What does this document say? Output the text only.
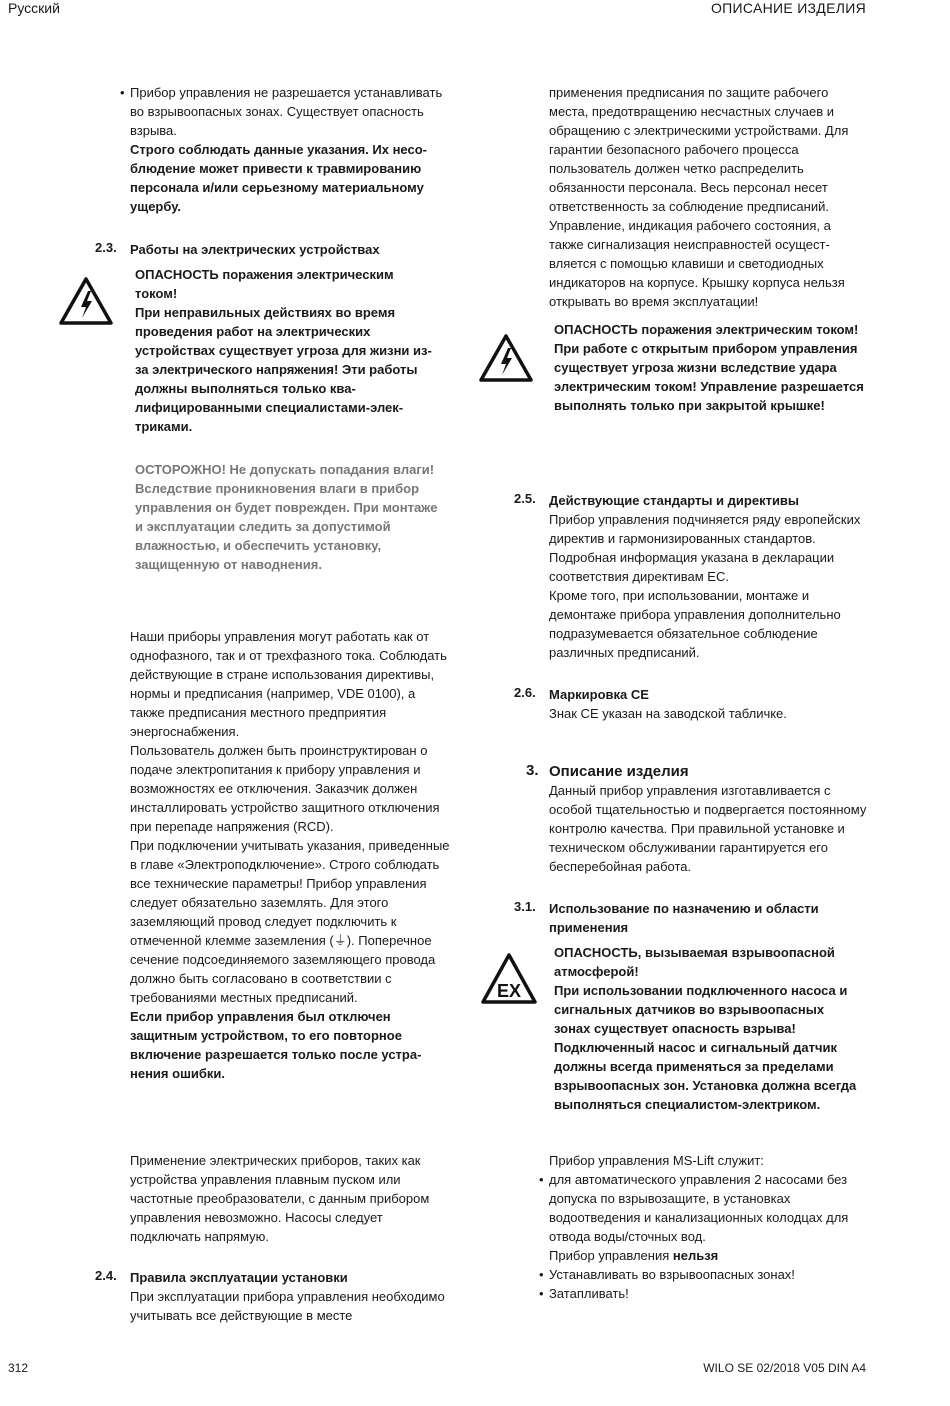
Русский	ОПИСАНИЕ ИЗДЕЛИЯ

• Прибор управления не разрешается устанавливать во взрывоопасных зонах. Существует опасность взрыва.

Строго соблюдать данные указания. Их несоблюдение может привести к травмированию персонала и/или серьезному материальному ущербу.

2.3. Работы на электрических устройствах
ОПАСНОСТЬ поражения электрическим током!
При неправильных действиях во время проведения работ на электрических устройствах существует угроза для жизни из-за электрического напряжения! Эти работы должны выполняться только квалифицированными специалистами-электриками.
ОСТОРОЖНО! Не допускать попадания влаги!
Вследствие проникновения влаги в прибор управления он будет поврежден. При монтаже и эксплуатации следить за допустимой влажностью, и обеспечить установку, защищенную от наводнения.

Наши приборы управления могут работать как от однофазного, так и от трехфазного тока. Соблюдать действующие в стране использования директивы, нормы и предписания (например, VDE 0100), а также предписания местного предприятия энергоснабжения.

Пользователь должен быть проинструктирован о подаче электропитания к прибору управления и возможностях ее отключения. Заказчик должен инсталлировать устройство защитного отключения при перепаде напряжения (RCD).

При подключении учитывать указания, приведенные в главе «Электроподключение». Строго соблюдать все технические параметры! Прибор управления следует обязательно заземлять. Для этого заземляющий провод следует подключить к отмеченной клемме заземления (⏚). Поперечное сечение подсоединяемого заземляющего провода должно быть согласовано в соответствии с требованиями местных предписаний.

Если прибор управления был отключен защитным устройством, то его повторное включение разрешается только после устранения ошибки.

Применение электрических приборов, таких как устройства управления плавным пуском или частотные преобразователи, с данным прибором управления невозможно. Насосы следует подключать напрямую.
2.4. Правила эксплуатации установки

При эксплуатации прибора управления необходимо учитывать все действующие в месте

применения предписания по защите рабочего места, предотвращению несчастных случаев и обращению с электрическими устройствами. Для гарантии безопасного рабочего процесса пользователь должен четко распределить обязанности персонала. Весь персонал несет ответственность за соблюдение предписаний.

Управление, индикация рабочего состояния, а также сигнализация неисправностей осуществляется с помощью клавиши и светодиодных индикаторов на корпусе. Крышку корпуса нельзя открывать во время эксплуатации!

ОПАСНОСТЬ поражения электрическим током!
При работе с открытым прибором управления существует угроза жизни вследствие удара электрическим током! Управление разрешается выполнять только при закрытой крышке!
2.5. Действующие стандарты и директивы

Прибор управления подчиняется ряду европейских директив и гармонизированных стандартов. Подробная информация указана в декларации соответствия директивам ЕС.

Кроме того, при использовании, монтаже и демонтаже прибора управления дополнительно подразумевается обязательное соблюдение различных предписаний.

2.6. Маркировка CE

Знак CE указан на заводской табличке.

3. Описание изделия

Данный прибор управления изготавливается с особой тщательностью и подвергается постоянному контролю качества. При правильной установке и техническом обслуживании гарантируется его бесперебойная работа.

3.1. Использование по назначению и области применения
EX
ОПАСНОСТЬ, вызываемая взрывоопасной атмосферой!
При использовании подключенного насоса и сигнальных датчиков во взрывоопасных зонах существует опасность взрыва! Подключенный насос и сигнальный датчик должны всегда применяться за пределами взрывоопасных зон. Установка должна всегда выполняться специалистом-электриком.

Прибор управления MS-Lift служит:

• для автоматического управления 2 насосами без допуска по взрывозащите, в установках водоотведения и канализационных колодцах для отвода воды/сточных вод.

Прибор управления нельзя

• Устанавливать во взрывоопасных зонах!

• Затапливать!

312	WILO SE 02/2018 V05 DIN A4
